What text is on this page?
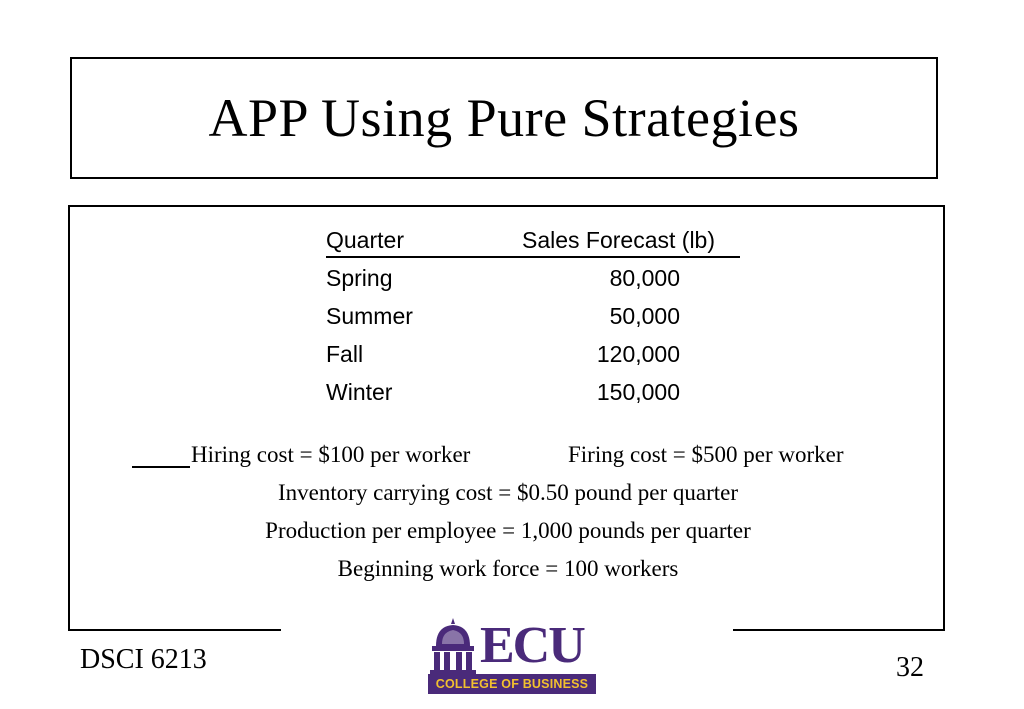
APP Using Pure Strategies
Quarter	Sales Forecast (lb)
Spring	80,000
Summer	50,000
Fall	120,000
Winter	150,000
Hiring cost = $100 per worker	Firing cost = $500 per worker
Inventory carrying cost = $0.50 pound per quarter
Production per employee = 1,000 pounds per quarter
Beginning work force = 100 workers
DSCI 6213	32
ECU
COLLEGE OF BUSINESS
